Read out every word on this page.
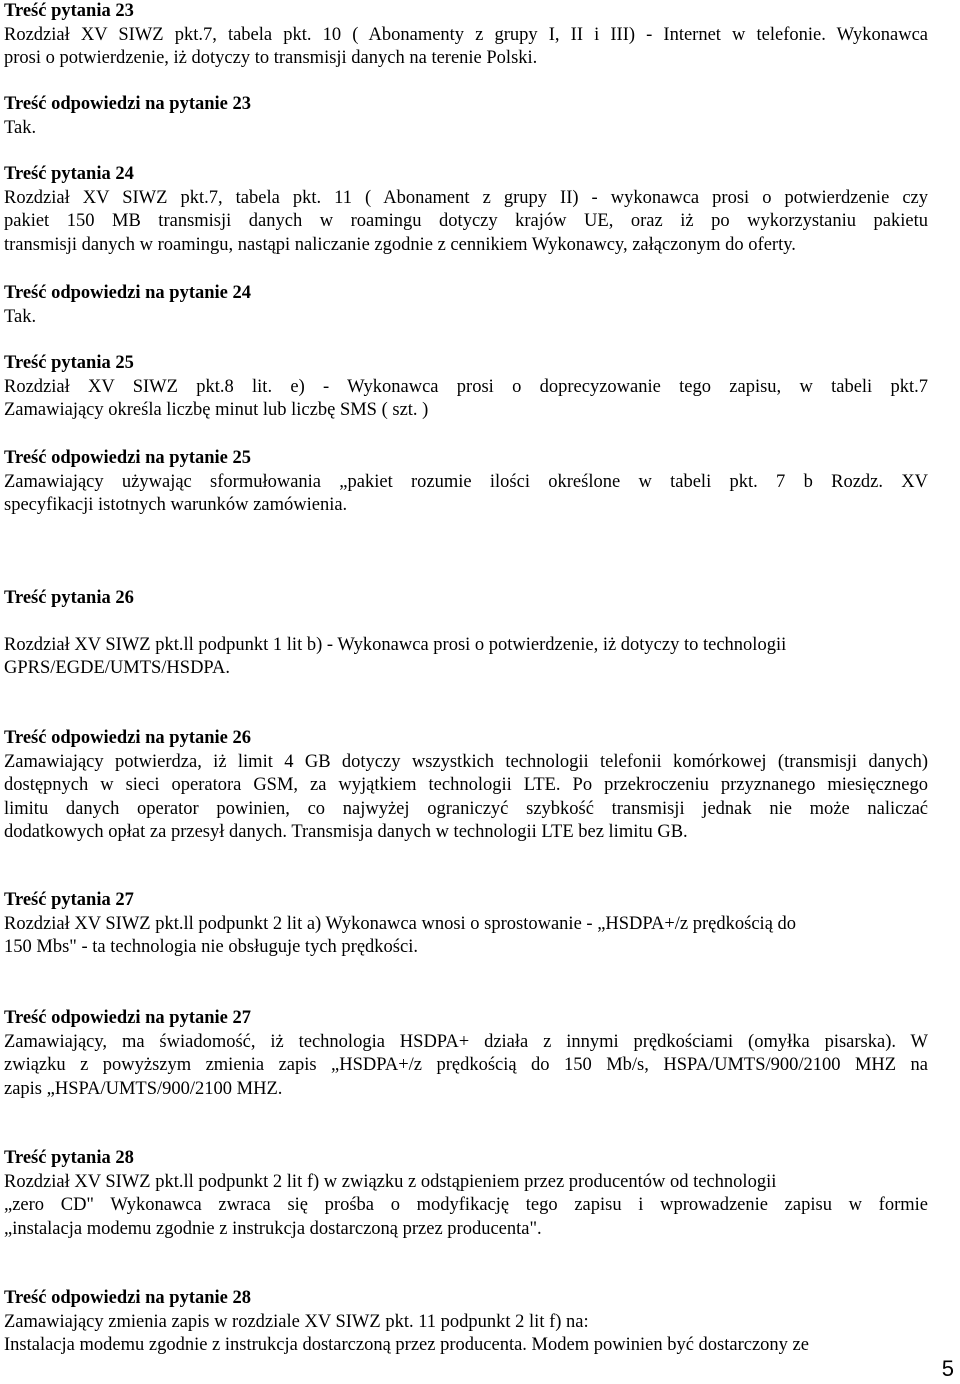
Treść pytania 23
Rozdział XV SIWZ pkt.7, tabela pkt. 10 ( Abonamenty z grupy I, II i III) - Internet w telefonie. Wykonawca
prosi o potwierdzenie, iż dotyczy to transmisji danych na terenie Polski.
Treść odpowiedzi na pytanie 23
Tak.
Treść pytania 24
Rozdział XV SIWZ pkt.7, tabela pkt. 11 ( Abonament z grupy II) - wykonawca prosi o potwierdzenie czy
pakiet 150 MB transmisji danych w roamingu dotyczy krajów UE, oraz iż po wykorzystaniu pakietu
transmisji danych w roamingu, nastąpi naliczanie zgodnie z cennikiem Wykonawcy, załączonym do oferty.
Treść odpowiedzi na pytanie 24
Tak.
Treść pytania 25
Rozdział XV SIWZ pkt.8 lit. e) - Wykonawca prosi o doprecyzowanie tego zapisu, w tabeli pkt.7
Zamawiający określa liczbę minut lub liczbę SMS ( szt. )
Treść odpowiedzi na pytanie 25
Zamawiający używając sformułowania „pakiet rozumie ilości określone w tabeli pkt. 7 b Rozdz. XV
specyfikacji istotnych warunków zamówienia.
Treść pytania 26
Rozdział XV SIWZ pkt.ll podpunkt 1 lit b) - Wykonawca prosi o potwierdzenie, iż dotyczy to technologii
GPRS/EGDE/UMTS/HSDPA.
Treść odpowiedzi na pytanie 26
Zamawiający potwierdza, iż limit 4 GB dotyczy wszystkich technologii telefonii komórkowej (transmisji danych)
dostępnych w sieci operatora GSM, za wyjątkiem technologii LTE. Po przekroczeniu przyznanego miesięcznego
limitu danych operator powinien, co najwyżej ograniczyć szybkość transmisji jednak nie może naliczać
dodatkowych opłat za przesył danych. Transmisja danych w technologii LTE bez limitu GB.
Treść pytania 27
Rozdział XV SIWZ pkt.ll podpunkt 2 lit a) Wykonawca wnosi o sprostowanie - „HSDPA+/z prędkością do
150 Mbs" - ta technologia nie obsługuje tych prędkości.
Treść odpowiedzi na pytanie 27
Zamawiający, ma świadomość, iż technologia HSDPA+ działa z innymi prędkościami (omyłka pisarska). W
związku z powyższym zmienia zapis „HSDPA+/z prędkością do 150 Mb/s, HSPA/UMTS/900/2100 MHZ na
zapis „HSPA/UMTS/900/2100 MHZ.
Treść pytania 28
Rozdział XV SIWZ pkt.ll podpunkt 2 lit f) w związku z odstąpieniem przez producentów od technologii
„zero CD" Wykonawca zwraca się prośba o modyfikację tego zapisu i wprowadzenie zapisu w formie
„instalacja modemu zgodnie z instrukcja dostarczoną przez producenta".
Treść odpowiedzi na pytanie 28
Zamawiający zmienia zapis w rozdziale XV SIWZ pkt. 11 podpunkt 2 lit f) na:
Instalacja modemu zgodnie z instrukcja dostarczoną przez producenta. Modem powinien być dostarczony ze
5
